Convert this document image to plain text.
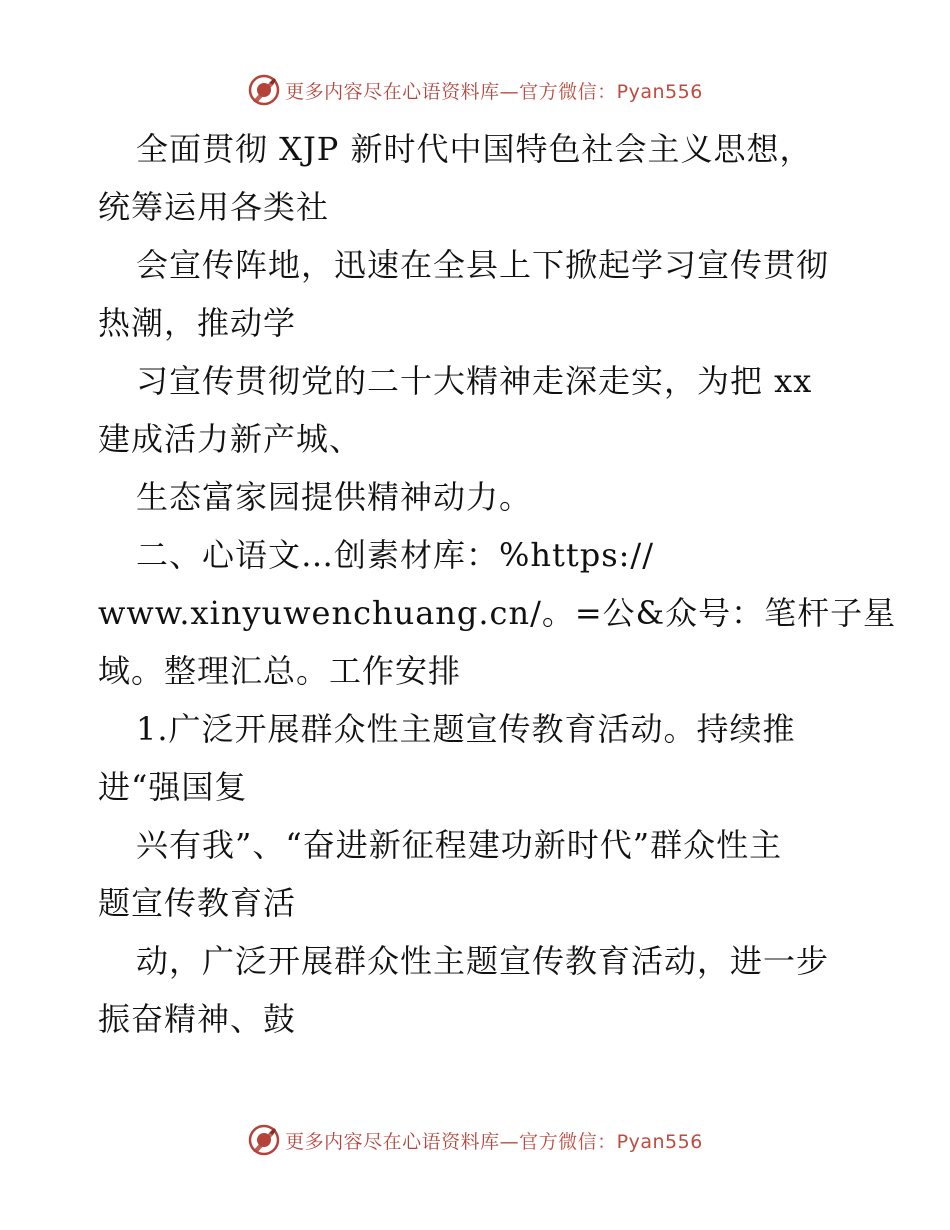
更多内容尽在心语资料库—官方微信：Pyan556
全面贯彻 XJP 新时代中国特色社会主义思想，
统筹运用各类社
会宣传阵地，迅速在全县上下掀起学习宣传贯彻
热潮，推动学
习宣传贯彻党的二十大精神走深走实，为把 xx
建成活力新产城、
生态富家园提供精神动力。
二、心语文…创素材库：%https://
www.xinyuwenchuang.cn/。=公&众号：笔杆子星
域。整理汇总。工作安排
1.广泛开展群众性主题宣传教育活动。持续推
进“强国复
兴有我”、“奋进新征程建功新时代”群众性主
题宣传教育活
动，广泛开展群众性主题宣传教育活动，进一步
振奋精神、鼓
更多内容尽在心语资料库—官方微信：Pyan556
